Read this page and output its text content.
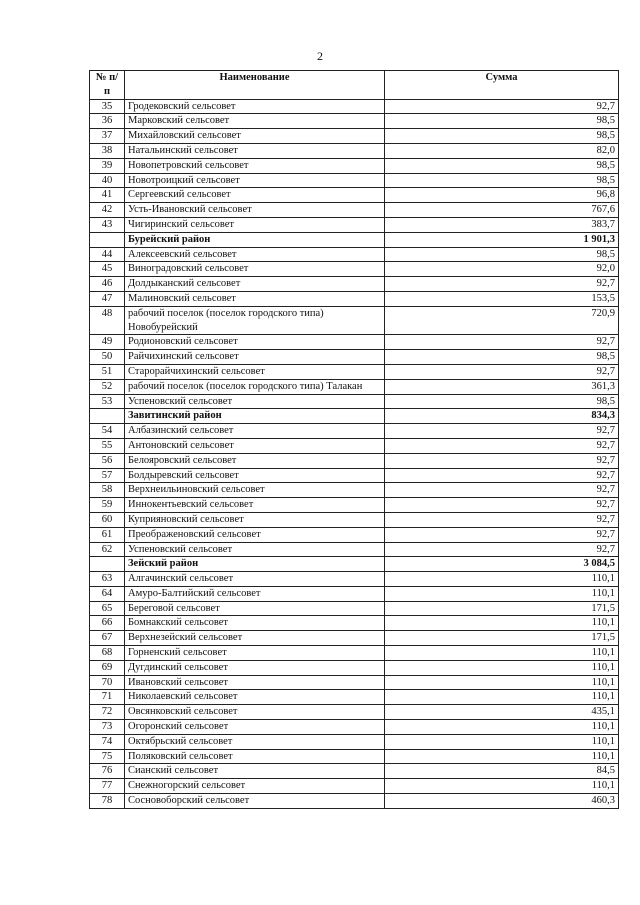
2
№ п/п	Наименование	Сумма
35	Гродековский сельсовет	92,7
36	Марковский сельсовет	98,5
37	Михайловский сельсовет	98,5
38	Натальинский сельсовет	82,0
39	Новопетровский сельсовет	98,5
40	Новотроицкий сельсовет	98,5
41	Сергеевский сельсовет	96,8
42	Усть-Ивановский сельсовет	767,6
43	Чигиринский сельсовет	383,7
	Бурейский район	1 901,3
44	Алексеевский сельсовет	98,5
45	Виноградовский сельсовет	92,0
46	Долдыканский сельсовет	92,7
47	Малиновский сельсовет	153,5
48	рабочий поселок (поселок городского типа) Новобурейский	720,9
49	Родионовский сельсовет	92,7
50	Райчихинский сельсовет	98,5
51	Старорайчихинский сельсовет	92,7
52	рабочий поселок (поселок городского типа) Талакан	361,3
53	Успеновский сельсовет	98,5
	Завитинский район	834,3
54	Албазинский сельсовет	92,7
55	Антоновский сельсовет	92,7
56	Белояровский сельсовет	92,7
57	Болдыревский сельсовет	92,7
58	Верхнеильиновский сельсовет	92,7
59	Иннокентьевский сельсовет	92,7
60	Куприяновский сельсовет	92,7
61	Преображеновский сельсовет	92,7
62	Успеновский сельсовет	92,7
	Зейский район	3 084,5
63	Алгачинский сельсовет	110,1
64	Амуро-Балтийский сельсовет	110,1
65	Береговой сельсовет	171,5
66	Бомнакский сельсовет	110,1
67	Верхнезейский сельсовет	171,5
68	Горненский сельсовет	110,1
69	Дугдинский сельсовет	110,1
70	Ивановский сельсовет	110,1
71	Николаевский сельсовет	110,1
72	Овсянковский сельсовет	435,1
73	Огоронский сельсовет	110,1
74	Октябрьский сельсовет	110,1
75	Поляковский сельсовет	110,1
76	Сианский сельсовет	84,5
77	Снежногорский сельсовет	110,1
78	Сосновоборский сельсовет	460,3
